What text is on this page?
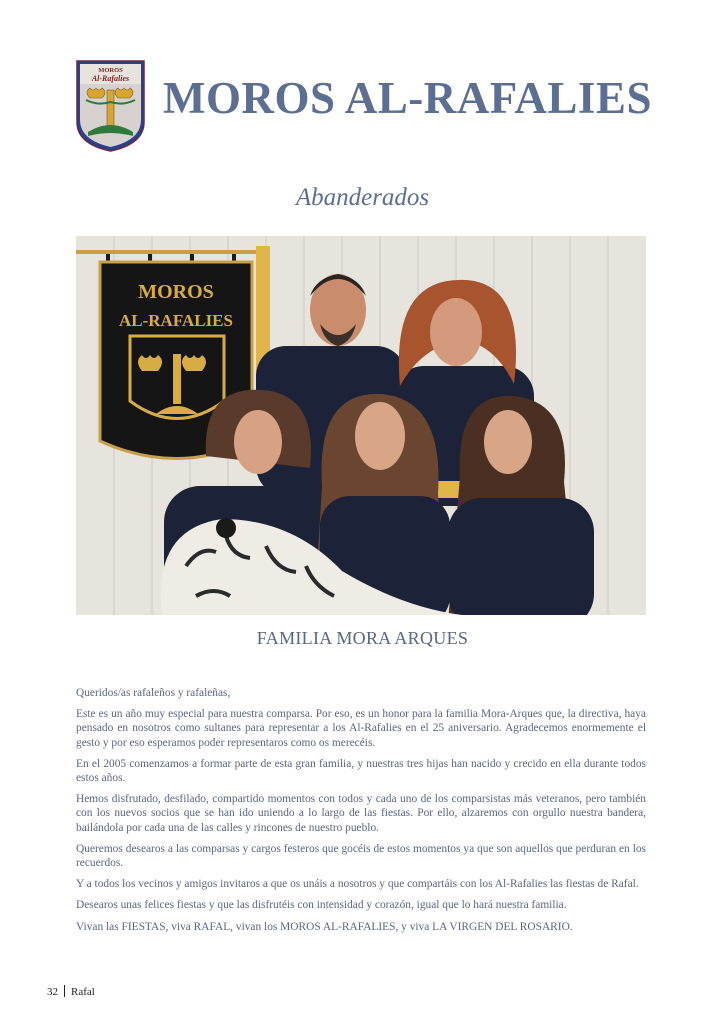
MOROS
Al-Rafalies MOROS AL-RAFALIES
Abanderados
MOROS
AL-RAFALIES
FAMILIA MORA ARQUES

Queridos/as rafaleños y rafaleñas,

Este es un año muy especial para nuestra comparsa. Por eso, es un honor para la familia Mora-Arques que, la directiva, haya pensado en nosotros como sultanes para representar a los Al-Rafalies en el 25 aniversario. Agradecemos enormemente el gesto y por eso esperamos poder representaros como os merecéis.

En el 2005 comenzamos a formar parte de esta gran familia, y nuestras tres hijas han nacido y crecido en ella durante todos estos años.

Hemos disfrutado, desfilado, compartido momentos con todos y cada uno de los comparsistas más veteranos, pero también con los nuevos socios que se han ido uniendo a lo largo de las fiestas. Por ello, alzaremos con orgullo nuestra bandera, bailándola por cada una de las calles y rincones de nuestro pueblo.

Queremos desearos a las comparsas y cargos festeros que gocéis de estos momentos ya que son aquellos que perduran en los recuerdos.

Y a todos los vecinos y amigos invitaros a que os unáis a nosotros y que compartáis con los Al-Rafalies las fiestas de Rafal.

Desearos unas felices fiestas y que las disfrutéis con intensidad y corazón, igual que lo hará nuestra familia.

Vivan las FIESTAS, viva RAFAL, vivan los MOROS AL-RAFALIES, y viva LA VIRGEN DEL ROSARIO.

32 Rafal
